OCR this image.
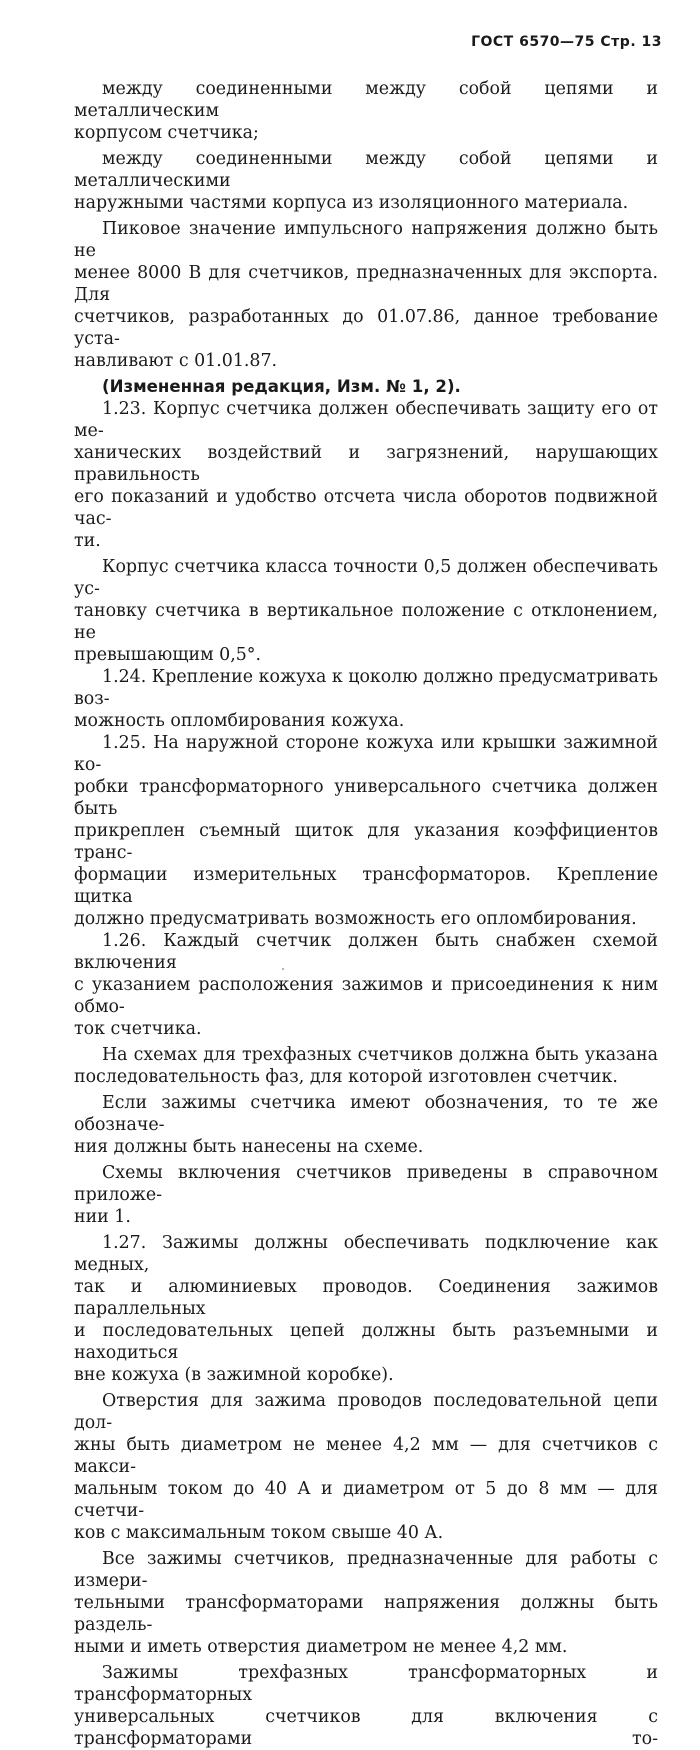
ГОСТ 6570—75 Стр. 13

между соединенными между собой цепями и металлическим

корпусом счетчика;

между соединенными между собой цепями и металлическими

наружными частями корпуса из изоляционного материала.

Пиковое значение импульсного напряжения должно быть не

менее 8000 В для счетчиков, предназначенных для экспорта. Для

счетчиков, разработанных до 01.07.86, данное требование уста-

навливают с 01.01.87.

(Измененная редакция, Изм. № 1, 2).

1.23. Корпус счетчика должен обеспечивать защиту его от ме-

ханических воздействий и загрязнений, нарушающих правильность

его показаний и удобство отсчета числа оборотов подвижной час-

ти.

Корпус счетчика класса точности 0,5 должен обеспечивать ус-

тановку счетчика в вертикальное положение с отклонением, не

превышающим 0,5°.

1.24. Крепление кожуха к цоколю должно предусматривать воз-

можность опломбирования кожуха.

1.25. На наружной стороне кожуха или крышки зажимной ко-

робки трансформаторного универсального счетчика должен быть

прикреплен съемный щиток для указания коэффициентов транс-

формации измерительных трансформаторов. Крепление щитка

должно предусматривать возможность его опломбирования.

1.26. Каждый счетчик должен быть снабжен схемой включения

с указанием расположения зажимов и присоединения к ним обмо-

ток счетчика.

На схемах для трехфазных счетчиков должна быть указана

последовательность фаз, для которой изготовлен счетчик.

Если зажимы счетчика имеют обозначения, то те же обозначе-

ния должны быть нанесены на схеме.

Схемы включения счетчиков приведены в справочном приложе-

нии 1.

1.27. Зажимы должны обеспечивать подключение как медных,

так и алюминиевых проводов. Соединения зажимов параллельных

и последовательных цепей должны быть разъемными и находиться

вне кожуха (в зажимной коробке).

Отверстия для зажима проводов последовательной цепи дол-

жны быть диаметром не менее 4,2 мм — для счетчиков с макси-

мальным током до 40 А и диаметром от 5 до 8 мм — для счетчи-

ков с максимальным током свыше 40 А.

Все зажимы счетчиков, предназначенные для работы с измери-

тельными трансформаторами напряжения должны быть раздель-

ными и иметь отверстия диаметром не менее 4,2 мм.

Зажимы трехфазных трансформаторных и трансформаторных

универсальных счетчиков для включения с трансформаторами то-
